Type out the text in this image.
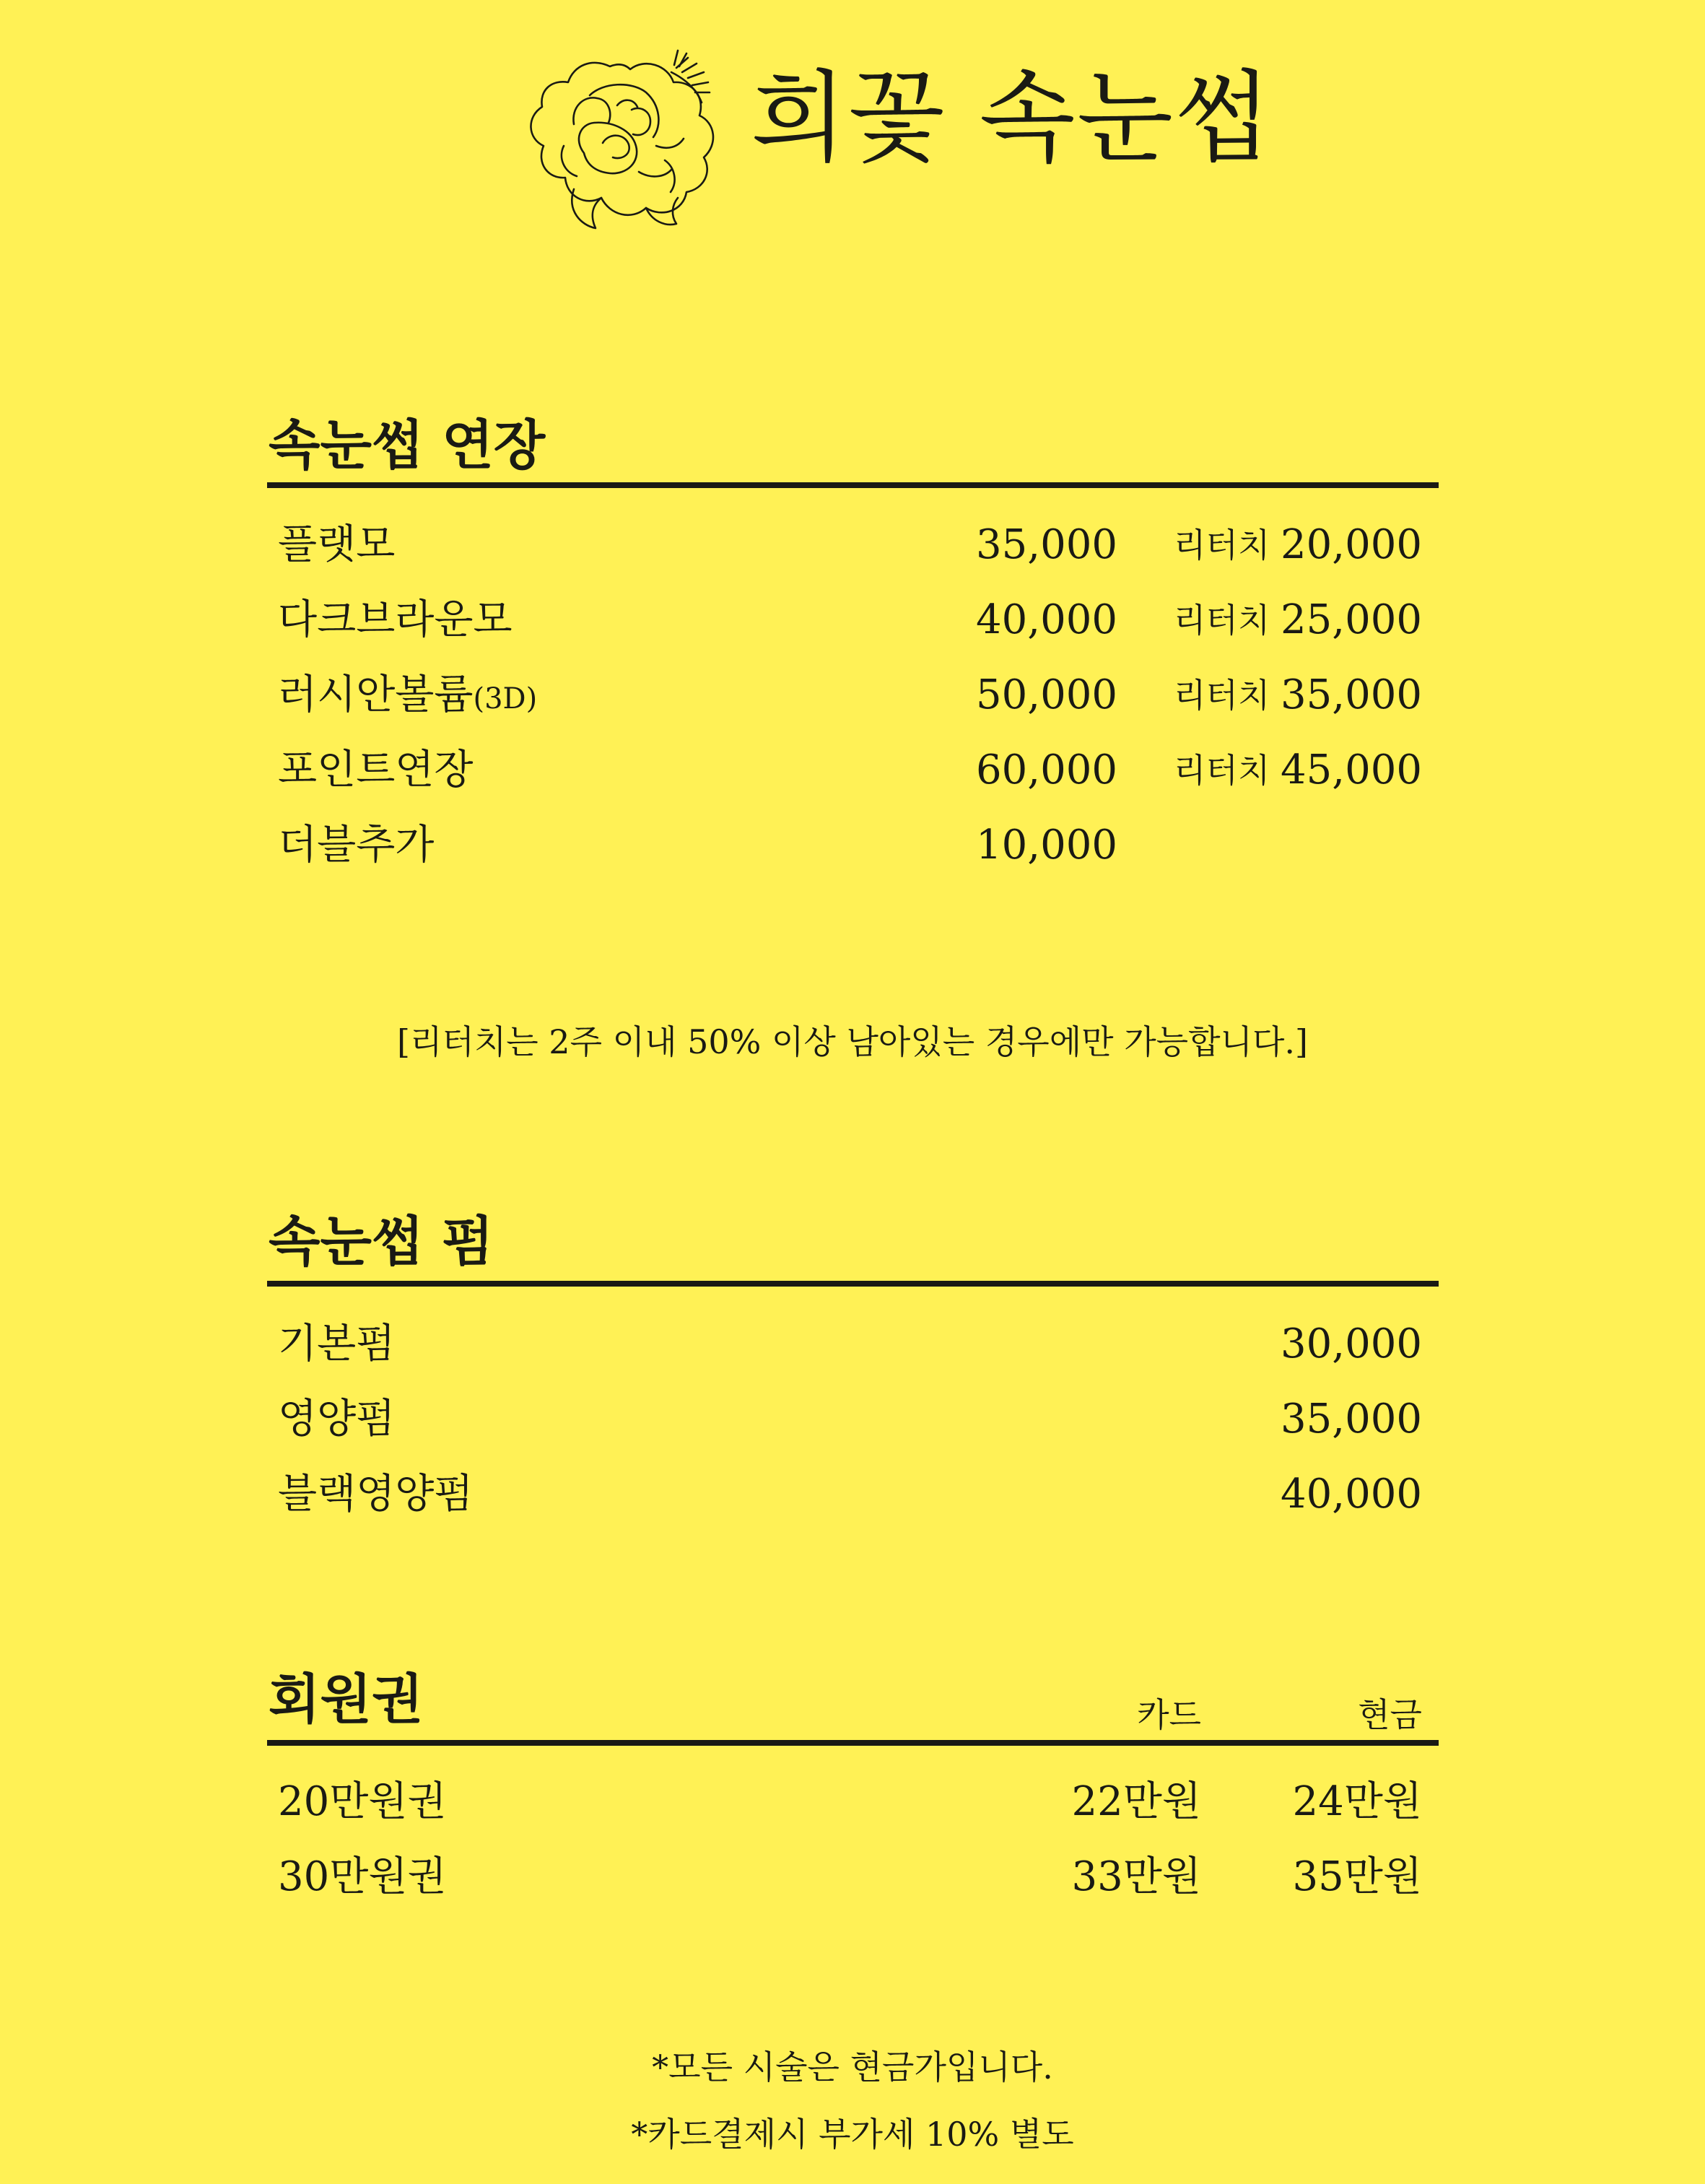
희꽃 속눈썹
속눈썹 연장
플랫모	35,000 리터치 20,000
다크브라운모	40,000 리터치 25,000
러시안볼륨(3D)	50,000 리터치 35,000
포인트연장	60,000 리터치 45,000
더블추가	10,000
[리터치는 2주 이내 50% 이상 남아있는 경우에만 가능합니다.]
속눈썹 펌
기본펌	30,000
영양펌	35,000
블랙영양펌	40,000
회원권	카드	현금
20만원권	22만원 24만원
30만원권	33만원 35만원
*모든 시술은 현금가입니다.
*카드결제시 부가세 10% 별도
